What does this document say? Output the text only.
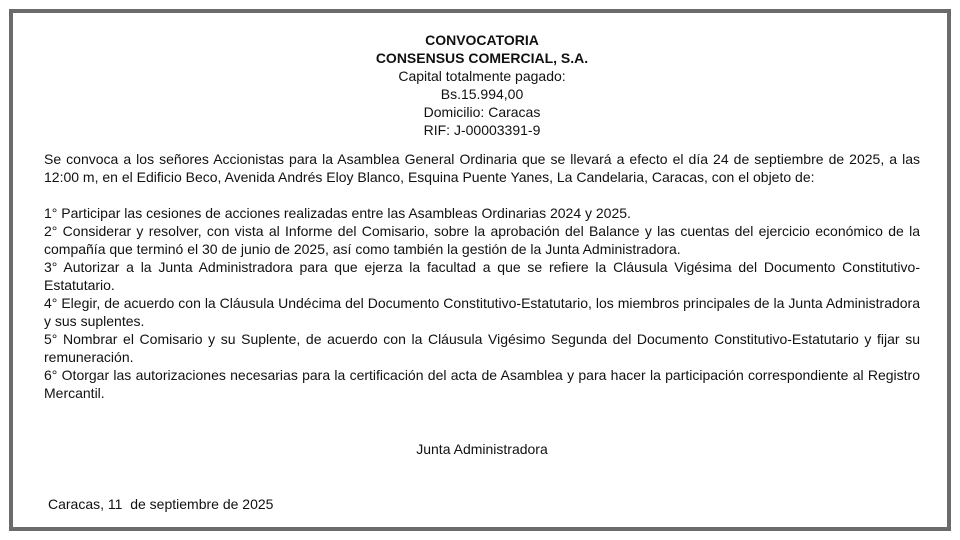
CONVOCATORIA
CONSENSUS COMERCIAL, S.A.
Capital totalmente pagado:
Bs.15.994,00
Domicilio: Caracas
RIF: J-00003391-9
Se convoca a los señores Accionistas para la Asamblea General Ordinaria que se llevará a efecto el día 24 de septiembre de 2025, a las 12:00 m, en el Edificio Beco, Avenida Andrés Eloy Blanco, Esquina Puente Yanes, La Candelaria, Caracas, con el objeto de:
1° Participar las cesiones de acciones realizadas entre las Asambleas Ordinarias 2024 y 2025.
2° Considerar y resolver, con vista al Informe del Comisario, sobre la aprobación del Balance y las cuentas del ejercicio económico de la compañía que terminó el 30 de junio de 2025, así como también la gestión de la Junta Administradora.
3° Autorizar a la Junta Administradora para que ejerza la facultad a que se refiere la Cláusula Vigésima del Documento Constitutivo-Estatutario.
4° Elegir, de acuerdo con la Cláusula Undécima del Documento Constitutivo-Estatutario, los miembros principales de la Junta Administradora y sus suplentes.
5° Nombrar el Comisario y su Suplente, de acuerdo con la Cláusula Vigésimo Segunda del Documento Constitutivo-Estatutario y fijar su remuneración.
6° Otorgar las autorizaciones necesarias para la certificación del acta de Asamblea y para hacer la participación correspondiente al Registro Mercantil.
Junta Administradora
Caracas, 11  de septiembre de 2025
